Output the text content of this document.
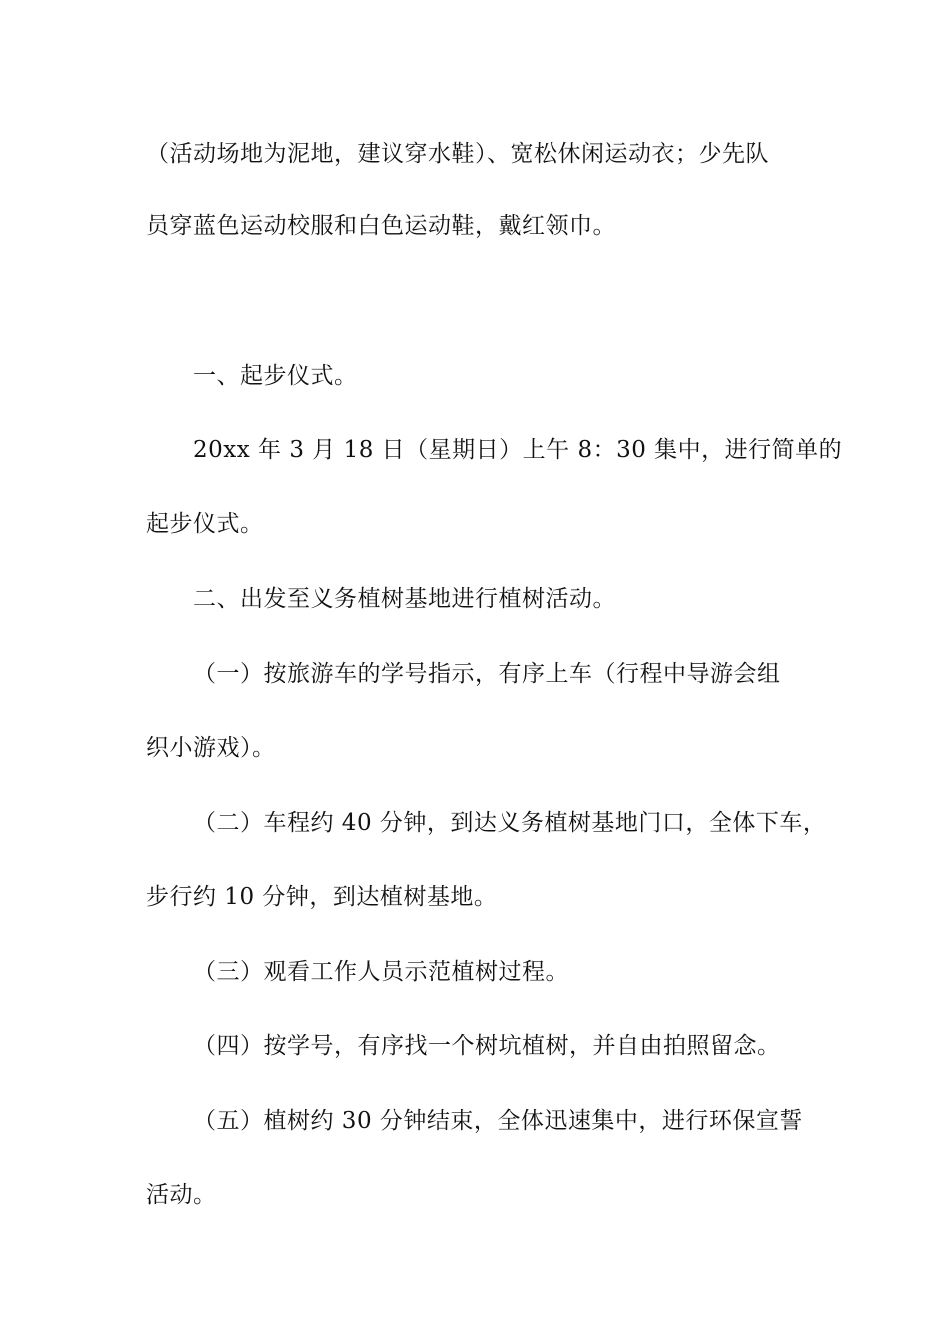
（活动场地为泥地，建议穿水鞋）、宽松休闲运动衣；少先队
员穿蓝色运动校服和白色运动鞋，戴红领巾。
一、起步仪式。
20xx 年 3 月 18 日（星期日）上午 8：30 集中，进行简单的
起步仪式。
二、出发至义务植树基地进行植树活动。
（一）按旅游车的学号指示，有序上车（行程中导游会组
织小游戏）。
（二）车程约 40 分钟，到达义务植树基地门口，全体下车，
步行约 10 分钟，到达植树基地。
（三）观看工作人员示范植树过程。
（四）按学号，有序找一个树坑植树，并自由拍照留念。
（五）植树约 30 分钟结束，全体迅速集中，进行环保宣誓
活动。
